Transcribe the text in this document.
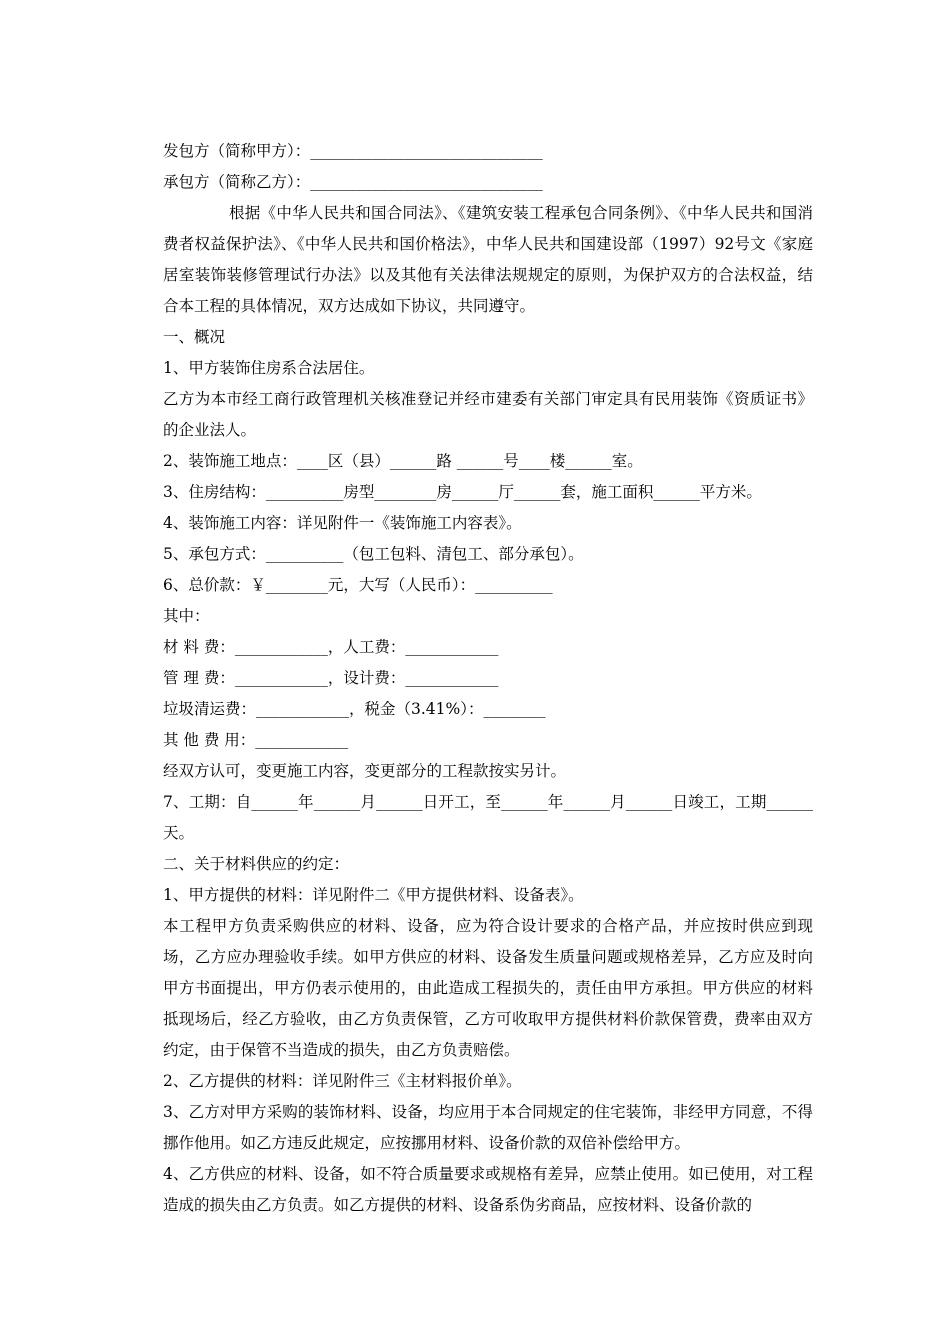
发包方（简称甲方）：______________________________
承包方（简称乙方）：______________________________
根据《中华人民共和国合同法》、《建筑安装工程承包合同条例》、《中华人民共和国消费者权益保护法》、《中华人民共和国价格法》，中华人民共和国建设部（1997）92号文《家庭居室装饰装修管理试行办法》以及其他有关法律法规规定的原则，为保护双方的合法权益，结合本工程的具体情况，双方达成如下协议，共同遵守。
一、概况
1、甲方装饰住房系合法居住。
乙方为本市经工商行政管理机关核准登记并经市建委有关部门审定具有民用装饰《资质证书》的企业法人。
2、装饰施工地点：____区（县）______路 ______号____楼______室。
3、住房结构：__________房型________房______厅______套，施工面积______平方米。
4、装饰施工内容：详见附件一《装饰施工内容表》。
5、承包方式：__________（包工包料、清包工、部分承包）。
6、总价款：￥________元，大写（人民币）：__________
其中：
材 料 费：____________，人工费：____________
管 理 费：____________，设计费：____________
垃圾清运费：____________，税金（3.41%）：________
其 他 费 用：____________
经双方认可，变更施工内容，变更部分的工程款按实另计。
7、工期：自______年______月______日开工，至______年______月______日竣工，工期______天。
二、关于材料供应的约定：
1、甲方提供的材料：详见附件二《甲方提供材料、设备表》。
本工程甲方负责采购供应的材料、设备，应为符合设计要求的合格产品，并应按时供应到现场，乙方应办理验收手续。如甲方供应的材料、设备发生质量问题或规格差异，乙方应及时向甲方书面提出，甲方仍表示使用的，由此造成工程损失的，责任由甲方承担。甲方供应的材料抵现场后，经乙方验收，由乙方负责保管，乙方可收取甲方提供材料价款保管费，费率由双方约定，由于保管不当造成的损失，由乙方负责赔偿。
2、乙方提供的材料：详见附件三《主材料报价单》。
3、乙方对甲方采购的装饰材料、设备，均应用于本合同规定的住宅装饰，非经甲方同意，不得挪作他用。如乙方违反此规定，应按挪用材料、设备价款的双倍补偿给甲方。
4、乙方供应的材料、设备，如不符合质量要求或规格有差异，应禁止使用。如已使用，对工程造成的损失由乙方负责。如乙方提供的材料、设备系伪劣商品，应按材料、设备价款的
